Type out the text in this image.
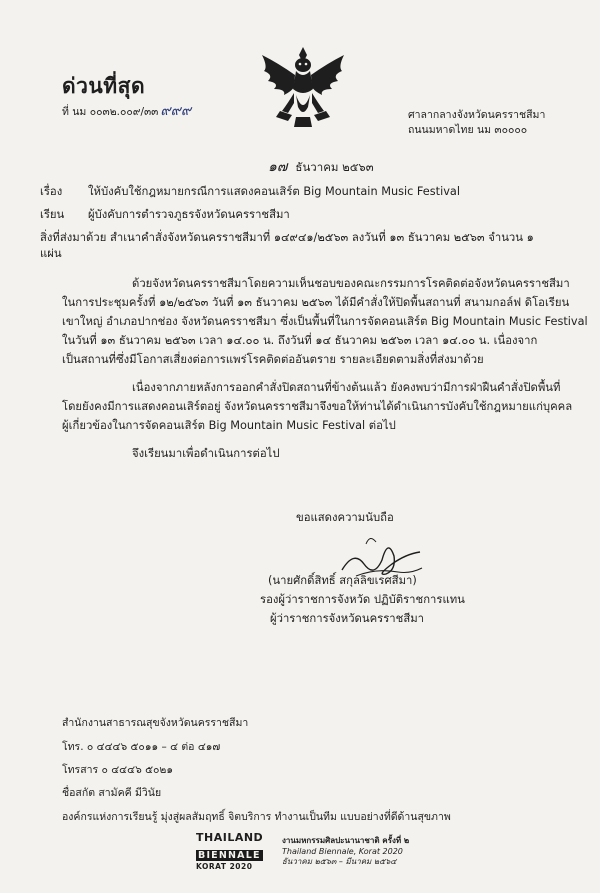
ด่วนที่สุด
ที่ นม ๐๐๓๒.๐๐๙/๓๓ ๙๙๙	ศาลากลางจังหวัดนครราชสีมา
ถนนมหาดไทย นม ๓๐๐๐๐
๑๗ ธันวาคม ๒๕๖๓
เรื่อง ให้บังคับใช้กฎหมายกรณีการแสดงคอนเสิร์ต Big Mountain Music Festival
เรียน ผู้บังคับการตำรวจภูธรจังหวัดนครราชสีมา
สิ่งที่ส่งมาด้วย สำเนาคำสั่งจังหวัดนครราชสีมาที่ ๑๔๙๔๑/๒๕๖๓ ลงวันที่ ๑๓ ธันวาคม ๒๕๖๓ จำนวน ๑
แผ่น
ด้วยจังหวัดนครราชสีมาโดยความเห็นชอบของคณะกรรมการโรคติดต่อจังหวัดนครราชสีมา
ในการประชุมครั้งที่ ๑๒/๒๕๖๓ วันที่ ๑๓ ธันวาคม ๒๕๖๓ ได้มีคำสั่งให้ปิดพื้นสถานที่ สนามกอล์ฟ ดิโอเรียน
เขาใหญ่ อำเภอปากช่อง จังหวัดนครราชสีมา ซึ่งเป็นพื้นที่ในการจัดคอนเสิร์ต Big Mountain Music Festival
ในวันที่ ๑๓ ธันวาคม ๒๕๖๓ เวลา ๑๔.๐๐ น. ถึงวันที่ ๑๔ ธันวาคม ๒๕๖๓ เวลา ๑๔.๐๐ น. เนื่องจาก
เป็นสถานที่ซึ่งมีโอกาสเสี่ยงต่อการแพร่โรคติดต่ออันตราย รายละเอียดตามสิ่งที่ส่งมาด้วย
เนื่องจากภายหลังการออกคำสั่งปิดสถานที่ข้างต้นแล้ว ยังคงพบว่ามีการฝ่าฝืนคำสั่งปิดพื้นที่
โดยยังคงมีการแสดงคอนเสิร์ตอยู่ จังหวัดนครราชสีมาจึงขอให้ท่านได้ดำเนินการบังคับใช้กฎหมายแก่บุคคล
ผู้เกี่ยวข้องในการจัดคอนเสิร์ต Big Mountain Music Festival ต่อไป
จึงเรียนมาเพื่อดำเนินการต่อไป
ขอแสดงความนับถือ
(นายศักดิ์สิทธิ์ สกุลลิขเรศสีมา)
รองผู้ว่าราชการจังหวัด ปฏิบัติราชการแทน
ผู้ว่าราชการจังหวัดนครราชสีมา
สำนักงานสาธารณสุขจังหวัดนครราชสีมา
โทร. ๐ ๔๔๔๖ ๕๐๑๑ – ๔ ต่อ ๔๑๗
โทรสาร ๐ ๔๔๔๖ ๕๐๒๑
ชื่อสกัต สามัคคี มีวินัย
องค์กรแห่งการเรียนรู้ มุ่งสู่ผลสัมฤทธิ์ จิตบริการ ทำงานเป็นทีม แบบอย่างที่ดีด้านสุขภาพ
THAILAND
BIENNALE
KORAT 2020
งานมหกรรมศิลปะนานาชาติ ครั้งที่ ๒
Thailand Biennale, Korat 2020
ธันวาคม ๒๕๖๓ – มีนาคม ๒๕๖๔
